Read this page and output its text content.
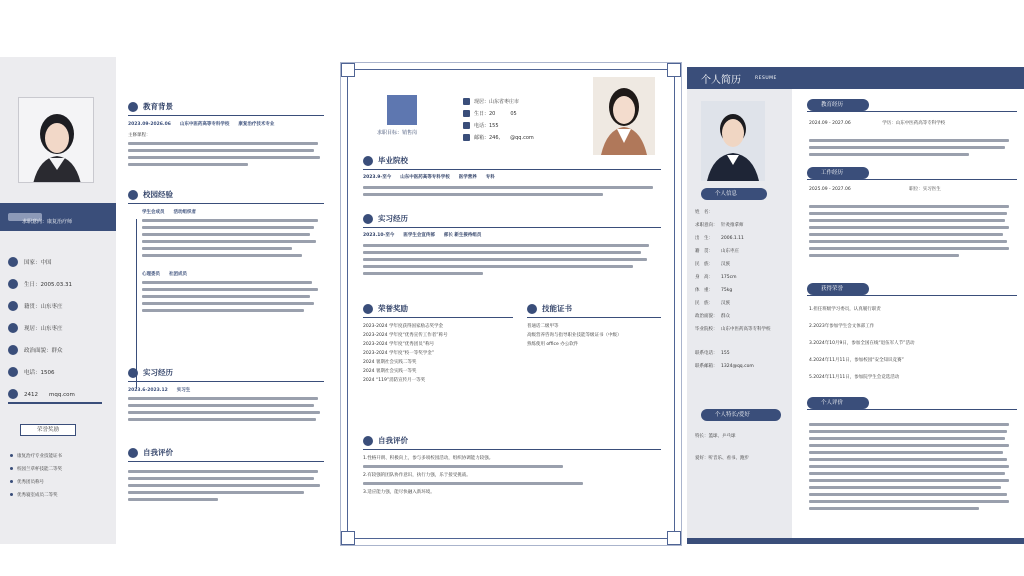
求职意向：康复治疗师
国家：中国
生日：2005.03.31
籍贯：山东枣庄
现居：山东枣庄
政治面貌：群众
电话：1506
2412　　mqq.com
荣誉奖励
康复治疗专业技能证书
校园兰草杯技能二等奖
优秀团员称号
优秀寝室成员二等奖
教育背景
2023.09-2026.06　　山东中医药高等专科学校　　康复治疗技术专业
主修课程：
校园经验
学生会成员　　活动组织者
心理委员　　社团成员
实习经历
2023.6-2023.12　　实习生
自我评价
求职目标：销售岗
现居：山东省枣庄市
生日：20　　　05
电话：155
邮箱：246,　　@qq.com
毕业院校
2023.9-至今　　山东中医药高等专科学校　　医学营养　　专科
实习经历
2023.10-至今　　医学生会宣传部　　部长 新生接待组员
荣誉奖励
2023-2024 学年度获得国家励志奖学金
2023-2024 学年度“优秀宣传工作者”称号
2023-2024 学年度“优秀团员”称号
2023-2024 学年度“校一等奖学金”
2024 暑期社会实践二等奖
2024 暑期社会实践一等奖
2024 “119”消防宣传月一等奖
技能证书
普通话二级甲等
高级营养咨询与指导职业技能等级证书（中级）
熟练使用 office 办公软件
自我评价
1.性格开朗、积极向上，参与多项校园活动，组织协调能力较强。
2.有较强的团队协作意识，执行力强，乐于接受挑战。
3.适应能力强，能尽快融入新环境。
个人简历	RESUME
个人信息
姓　名：
求职意向： 针灸推拿师
出　生： 2006.1.11
籍　贯： 山东枣庄
民　族： 汉族
身　高： 175cm
体　重： 75kg
民　族： 汉族
政治面貌： 群众
毕业院校： 山东中医药高等专科学校
联系电话： 155
联系邮箱： 1324@qq.com
个人特长/爱好
特长：篮球、乒乓球
爱好：听音乐、看书、跑步
教育经历
2024.09 - 2027.06　　　　　　　学历：山东中医药高等专科学校
工作经历
2025.09 - 2027.06　　　　　　　　　　　　　职位：实习医生
获得荣誉
1.担任班级学习委员，认真履行职责
2.2023年参加学生会文体部工作
3.2024年10月9日，参加全国在线“退伍军人节”活动
4.2024年11月11日，参加校园“安全知识竞赛”
5.2024年11月11日，参加院学生会竞选活动
个人评价
